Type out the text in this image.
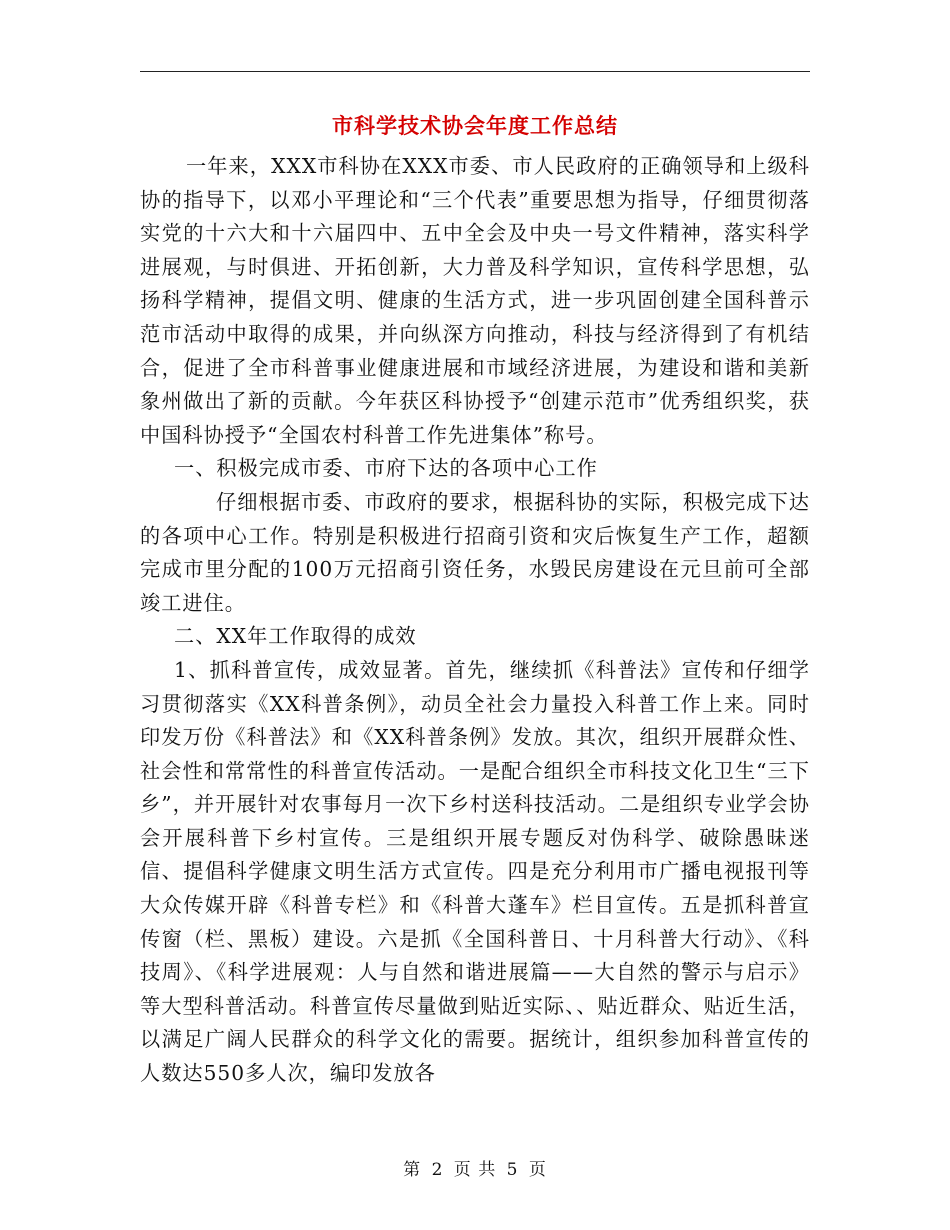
市科学技术协会年度工作总结

一年来，XXX市科协在XXX市委、市人民政府的正确领导和上级科协的指导下，以邓小平理论和“三个代表”重要思想为指导，仔细贯彻落实党的十六大和十六届四中、五中全会及中央一号文件精神，落实科学进展观，与时俱进、开拓创新，大力普及科学知识，宣传科学思想，弘扬科学精神，提倡文明、健康的生活方式，进一步巩固创建全国科普示范市活动中取得的成果，并向纵深方向推动，科技与经济得到了有机结合，促进了全市科普事业健康进展和市域经济进展，为建设和谐和美新象州做出了新的贡献。今年获区科协授予“创建示范市”优秀组织奖，获中国科协授予“全国农村科普工作先进集体”称号。

一、积极完成市委、市府下达的各项中心工作

仔细根据市委、市政府的要求，根据科协的实际，积极完成下达的各项中心工作。特别是积极进行招商引资和灾后恢复生产工作，超额完成市里分配的100万元招商引资任务，水毁民房建设在元旦前可全部竣工进住。

二、XX年工作取得的成效

1、抓科普宣传，成效显著。首先，继续抓《科普法》宣传和仔细学习贯彻落实《XX科普条例》，动员全社会力量投入科普工作上来。同时印发万份《科普法》和《XX科普条例》发放。其次，组织开展群众性、社会性和常常性的科普宣传活动。一是配合组织全市科技文化卫生“三下乡”，并开展针对农事每月一次下乡村送科技活动。二是组织专业学会协会开展科普下乡村宣传。三是组织开展专题反对伪科学、破除愚昧迷信、提倡科学健康文明生活方式宣传。四是充分利用市广播电视报刊等大众传媒开辟《科普专栏》和《科普大蓬车》栏目宣传。五是抓科普宣传窗（栏、黑板）建设。六是抓《全国科普日、十月科普大行动》、《科技周》、《科学进展观：人与自然和谐进展篇——大自然的警示与启示》等大型科普活动。科普宣传尽量做到贴近实际、、贴近群众、贴近生活，以满足广阔人民群众的科学文化的需要。据统计，组织参加科普宣传的人数达550多人次，编印发放各

第 2 页 共 5 页
